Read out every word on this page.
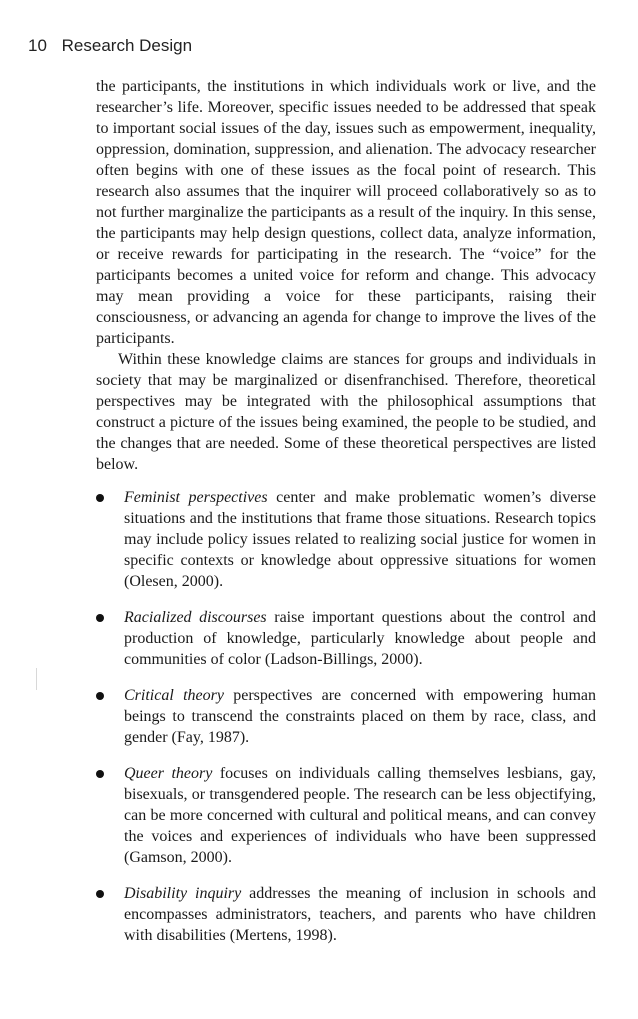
10 Research Design

the participants, the institutions in which individuals work or live, and the researcher’s life. Moreover, specific issues needed to be addressed that speak to important social issues of the day, issues such as empowerment, inequality, oppression, domination, suppression, and alienation. The advocacy researcher often begins with one of these issues as the focal point of research. This research also assumes that the inquirer will proceed collaboratively so as to not further marginalize the participants as a result of the inquiry. In this sense, the participants may help design questions, collect data, analyze information, or receive rewards for participating in the research. The “voice” for the participants becomes a united voice for reform and change. This advocacy may mean providing a voice for these participants, raising their consciousness, or advancing an agenda for change to improve the lives of the participants.

Within these knowledge claims are stances for groups and individuals in society that may be marginalized or disenfranchised. Therefore, theoretical perspectives may be integrated with the philosophical assumptions that construct a picture of the issues being examined, the people to be studied, and the changes that are needed. Some of these theoretical perspectives are listed below.

Feminist perspectives center and make problematic women’s diverse situations and the institutions that frame those situations. Research topics may include policy issues related to realizing social justice for women in specific contexts or knowledge about oppressive situations for women (Olesen, 2000).
Racialized discourses raise important questions about the control and production of knowledge, particularly knowledge about people and communities of color (Ladson-Billings, 2000).
Critical theory perspectives are concerned with empowering human beings to transcend the constraints placed on them by race, class, and gender (Fay, 1987).
Queer theory focuses on individuals calling themselves lesbians, gay, bisexuals, or transgendered people. The research can be less objectifying, can be more concerned with cultural and political means, and can convey the voices and experiences of individuals who have been suppressed (Gamson, 2000).
Disability inquiry addresses the meaning of inclusion in schools and encompasses administrators, teachers, and parents who have children with disabilities (Mertens, 1998).
